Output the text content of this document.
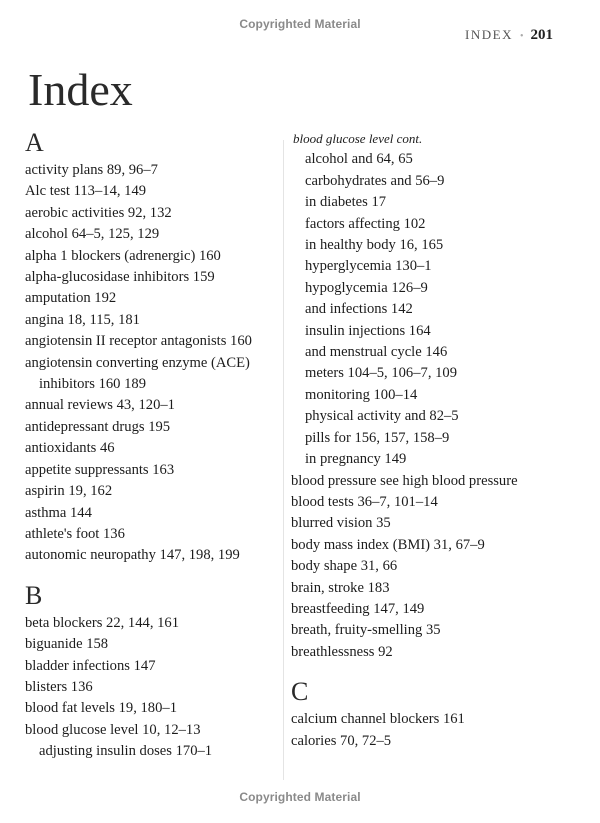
Copyrighted Material
INDEX • 201
Index
A
activity plans 89, 96–7
Alc test 113–14, 149
aerobic activities 92, 132
alcohol 64–5, 125, 129
alpha 1 blockers (adrenergic) 160
alpha-glucosidase inhibitors 159
amputation 192
angina 18, 115, 181
angiotensin II receptor antagonists 160
angiotensin converting enzyme (ACE)
inhibitors 160 189
annual reviews 43, 120–1
antidepressant drugs 195
antioxidants 46
appetite suppressants 163
aspirin 19, 162
asthma 144
athlete's foot 136
autonomic neuropathy 147, 198, 199
B
beta blockers 22, 144, 161
biguanide 158
bladder infections 147
blisters 136
blood fat levels 19, 180–1
blood glucose level 10, 12–13
adjusting insulin doses 170–1
blood glucose level cont.
alcohol and 64, 65
carbohydrates and 56–9
in diabetes 17
factors affecting 102
in healthy body 16, 165
hyperglycemia 130–1
hypoglycemia 126–9
and infections 142
insulin injections 164
and menstrual cycle 146
meters 104–5, 106–7, 109
monitoring 100–14
physical activity and 82–5
pills for 156, 157, 158–9
in pregnancy 149
blood pressure see high blood pressure
blood tests 36–7, 101–14
blurred vision 35
body mass index (BMI) 31, 67–9
body shape 31, 66
brain, stroke 183
breastfeeding 147, 149
breath, fruity-smelling 35
breathlessness 92
C
calcium channel blockers 161
calories 70, 72–5
Copyrighted Material
